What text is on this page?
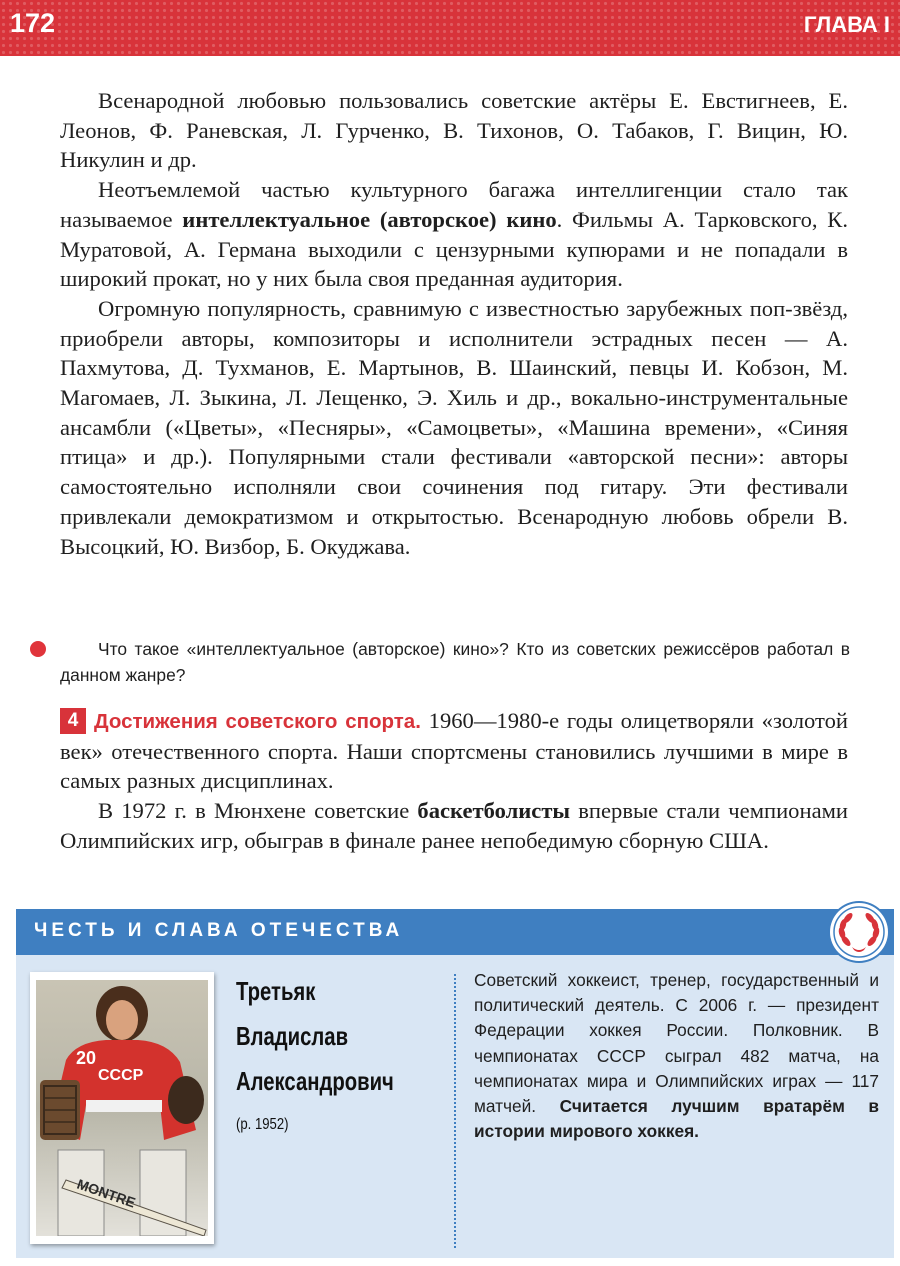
172	ГЛАВА I

Всенародной любовью пользовались советские актёры Е. Евстигнеев, Е. Леонов, Ф. Раневская, Л. Гурченко, В. Тихонов, О. Табаков, Г. Вицин, Ю. Никулин и др.

Неотъемлемой частью культурного багажа интеллигенции стало так называемое интеллектуальное (авторское) кино. Фильмы А. Тарковского, К. Муратовой, А. Германа выходили с цензурными купюрами и не попадали в широкий прокат, но у них была своя преданная аудитория.

Огромную популярность, сравнимую с известностью зарубежных поп-звёзд, приобрели авторы, композиторы и исполнители эстрадных песен — А. Пахмутова, Д. Тухманов, Е. Мартынов, В. Шаинский, певцы И. Кобзон, М. Магомаев, Л. Зыкина, Л. Лещенко, Э. Хиль и др., вокально-инструментальные ансамбли («Цветы», «Песняры», «Самоцветы», «Машина времени», «Синяя птица» и др.). Популярными стали фестивали «авторской песни»: авторы самостоятельно исполняли свои сочинения под гитару. Эти фестивали привлекали демократизмом и открытостью. Всенародную любовь обрели В. Высоцкий, Ю. Визбор, Б. Окуджава.

Что такое «интеллектуальное (авторское) кино»? Кто из советских режиссёров работал в данном жанре?

4 Достижения советского спорта. 1960—1980-е годы олицетворяли «золотой век» отечественного спорта. Наши спортсмены становились лучшими в мире в самых разных дисциплинах.

В 1972 г. в Мюнхене советские баскетболисты впервые стали чемпионами Олимпийских игр, обыграв в финале ранее непобедимую сборную США.

ЧЕСТЬ И СЛАВА ОТЕЧЕСТВА
MONTRE
СССР
20
Третьяк
Владислав
Александрович
(р. 1952)
Советский хоккеист, тренер, государственный и политический деятель. С 2006 г. — президент Федерации хоккея России. Полковник. В чемпионатах СССР сыграл 482 матча, на чемпионатах мира и Олимпийских играх — 117 матчей. Считается лучшим вратарём в истории мирового хоккея.
